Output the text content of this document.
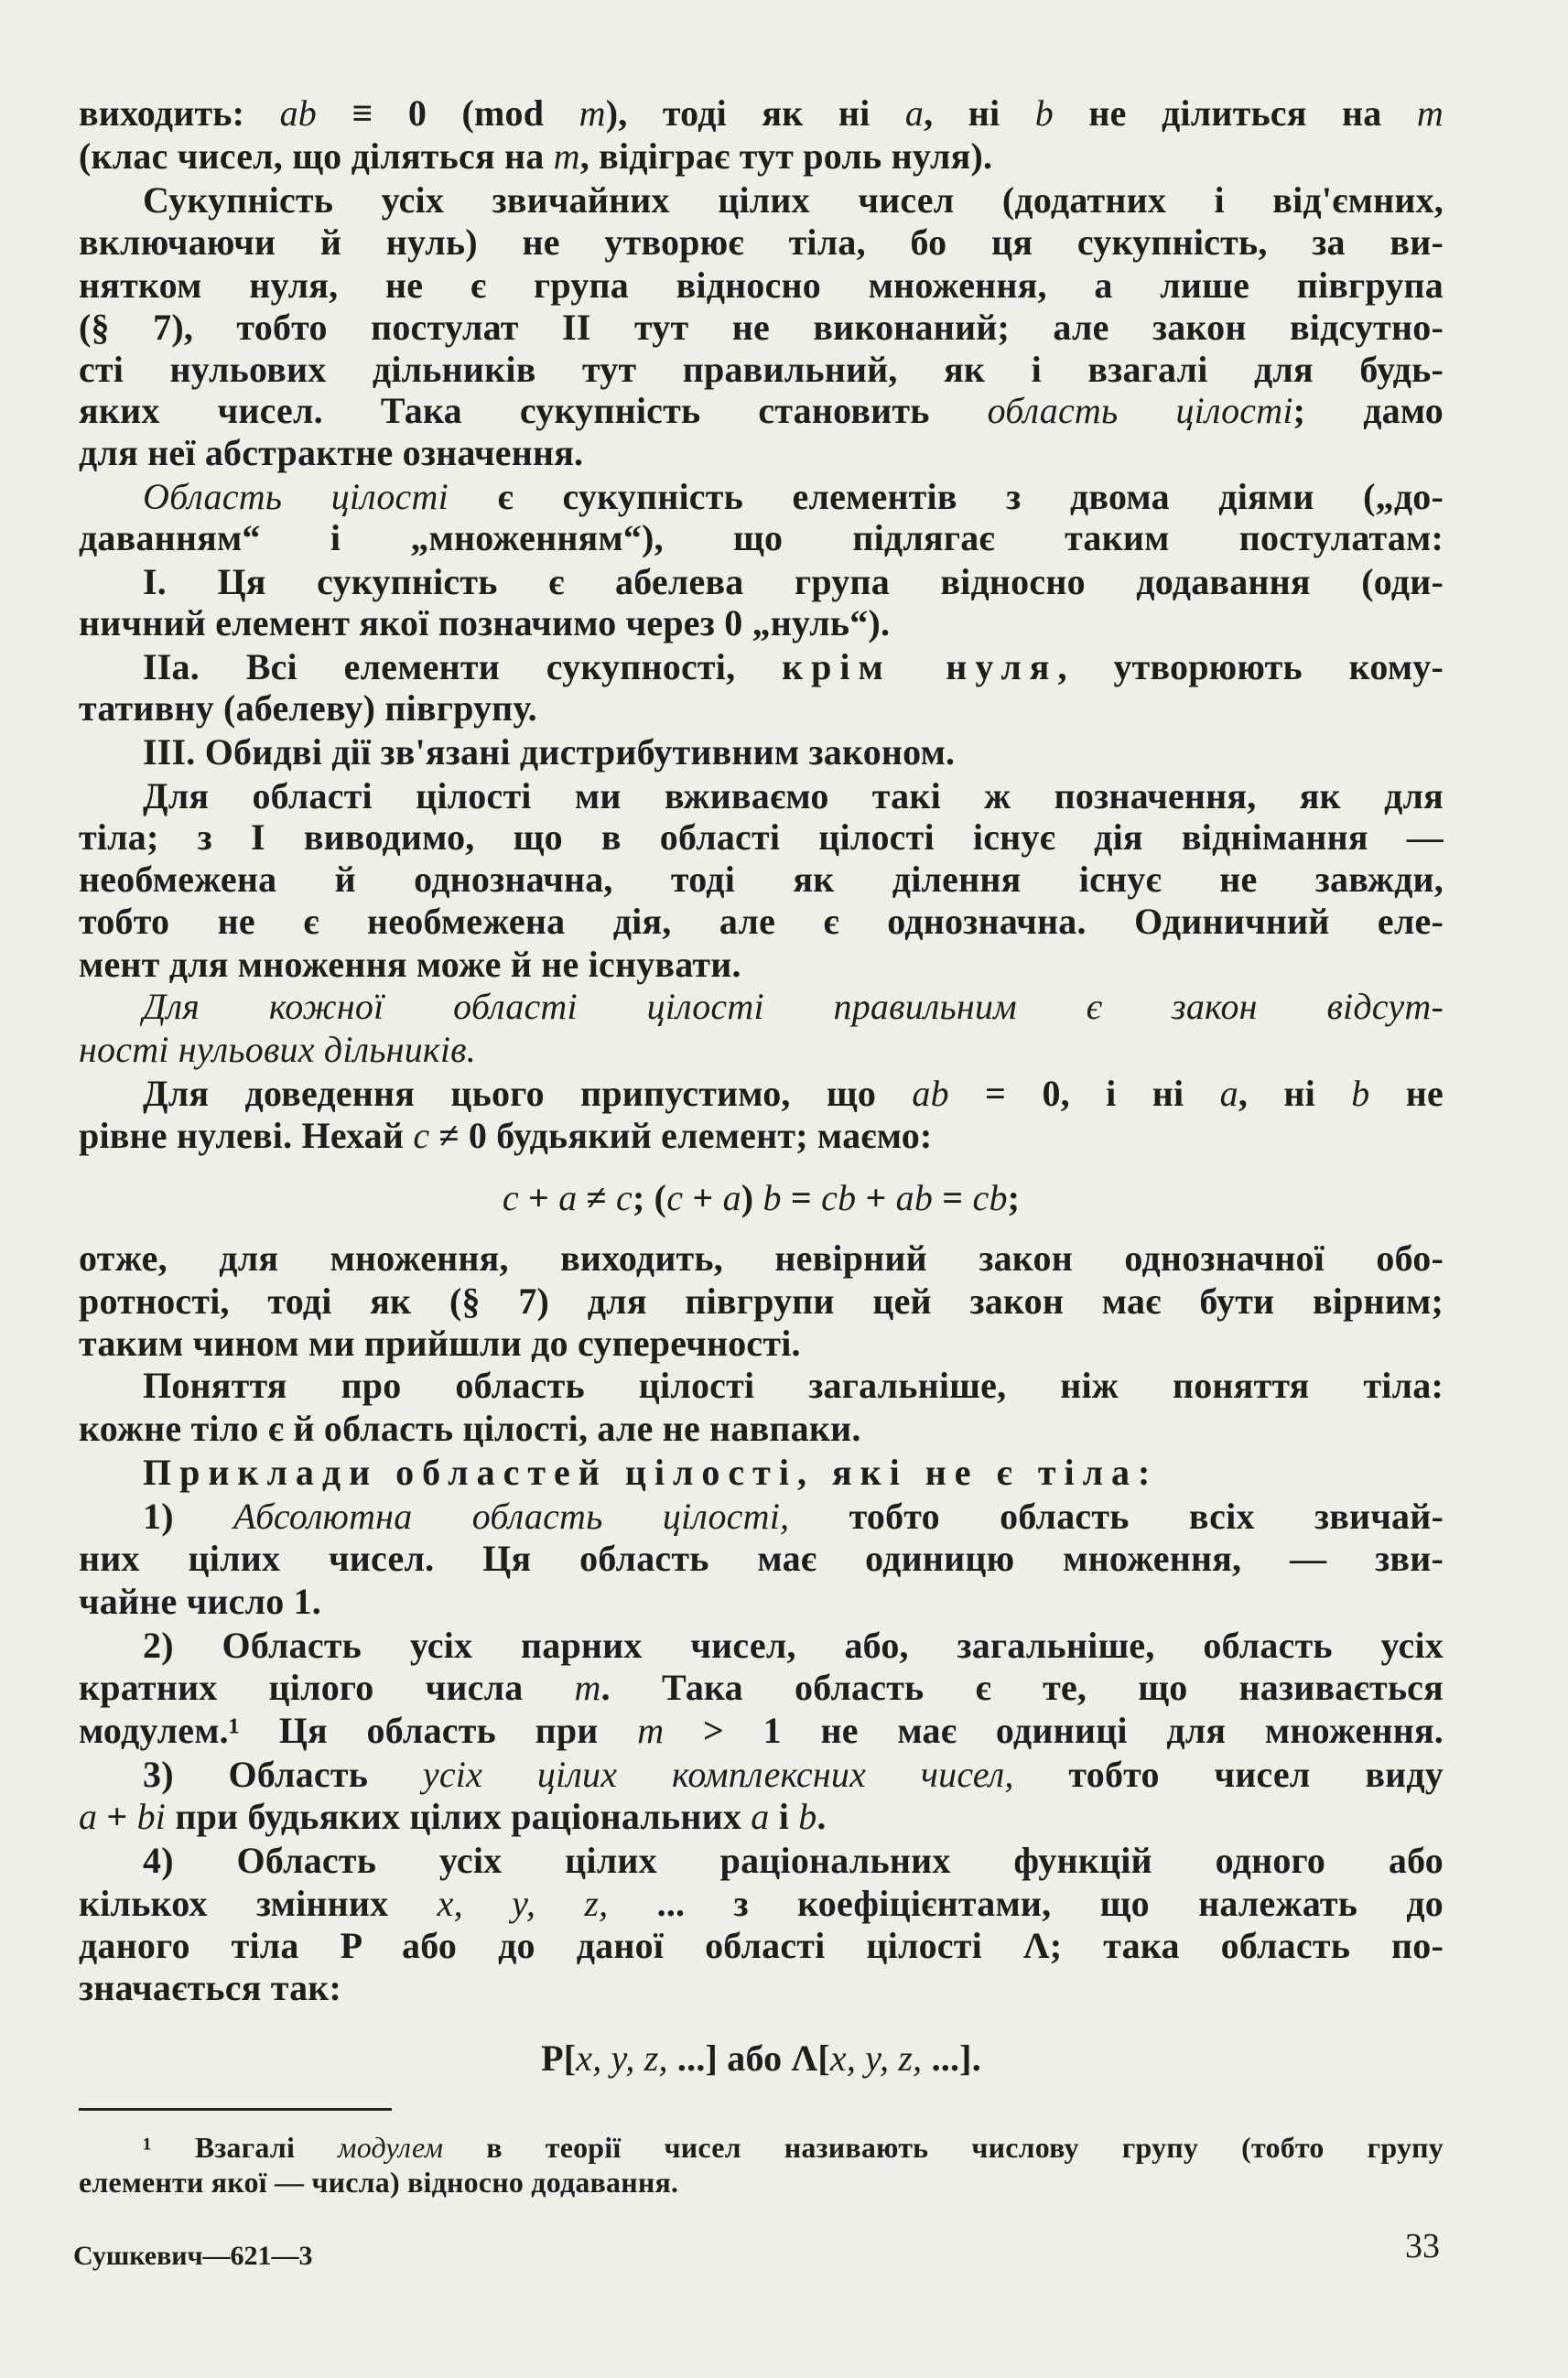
виходить: ab ≡ 0 (mod m), тоді як ні a, ні b не ділиться на m
(клас чисел, що діляться на m, відіграє тут роль нуля).
Сукупність усіх звичайних цілих чисел (додатних і від'ємних,
включаючи й нуль) не утворює тіла, бо ця сукупність, за ви-
нятком нуля, не є група відносно множення, а лише півгрупа
(§ 7), тобто постулат II тут не виконаний; але закон відсутно-
сті нульових дільників тут правильний, як і взагалі для будь-
яких чисел. Така сукупність становить область цілості; дамо
для неї абстрактне означення.
Область цілості є сукупність елементів з двома діями („до-
даванням“ і „множенням“), що підлягає таким постулатам:
I. Ця сукупність є абелева група відносно додавання (оди-
ничний елемент якої позначимо через 0 „нуль“).
IIa. Всі елементи сукупності, крім нуля, утворюють кому-
тативну (абелеву) півгрупу.
III. Обидві дії зв'язані дистрибутивним законом.
Для області цілості ми вживаємо такі ж позначення, як для
тіла; з I виводимо, що в області цілості існує дія віднімання —
необмежена й однозначна, тоді як ділення існує не завжди,
тобто не є необмежена дія, але є однозначна. Одиничний еле-
мент для множення може й не існувати.
Для кожної області цілості правильним є закон відсут-
ності нульових дільників.
Для доведення цього припустимо, що ab = 0, і ні a, ні b не
рівне нулеві. Нехай c ≠ 0 будьякий елемент; маємо:
c + a ≠ c; (c + a) b = cb + ab = cb;
отже, для множення, виходить, невірний закон однозначної обо-
ротності, тоді як (§ 7) для півгрупи цей закон має бути вірним;
таким чином ми прийшли до суперечності.
Поняття про область цілості загальніше, ніж поняття тіла:
кожне тіло є й область цілості, але не навпаки.
Приклади областей цілості, які не є тіла:
1) Абсолютна область цілості, тобто область всіх звичай-
них цілих чисел. Ця область має одиницю множення, — зви-
чайне число 1.
2) Область усіх парних чисел, або, загальніше, область усіх
кратних цілого числа m. Така область є те, що називається
модулем.¹ Ця область при m > 1 не має одиниці для множення.
3) Область усіх цілих комплексних чисел, тобто чисел виду
a + bi при будьяких цілих раціональних a і b.
4) Область усіх цілих раціональних функцій одного або
кількох змінних x, y, z, ... з коефіцієнтами, що належать до
даного тіла P або до даної області цілості Λ; така область по-
значається так:
P[x, y, z, ...] або Λ[x, y, z, ...].
¹ Взагалі модулем в теорії чисел називають числову групу (тобто групу
елементи якої — числа) відносно додавання.
Сушкевич—621—3	33
